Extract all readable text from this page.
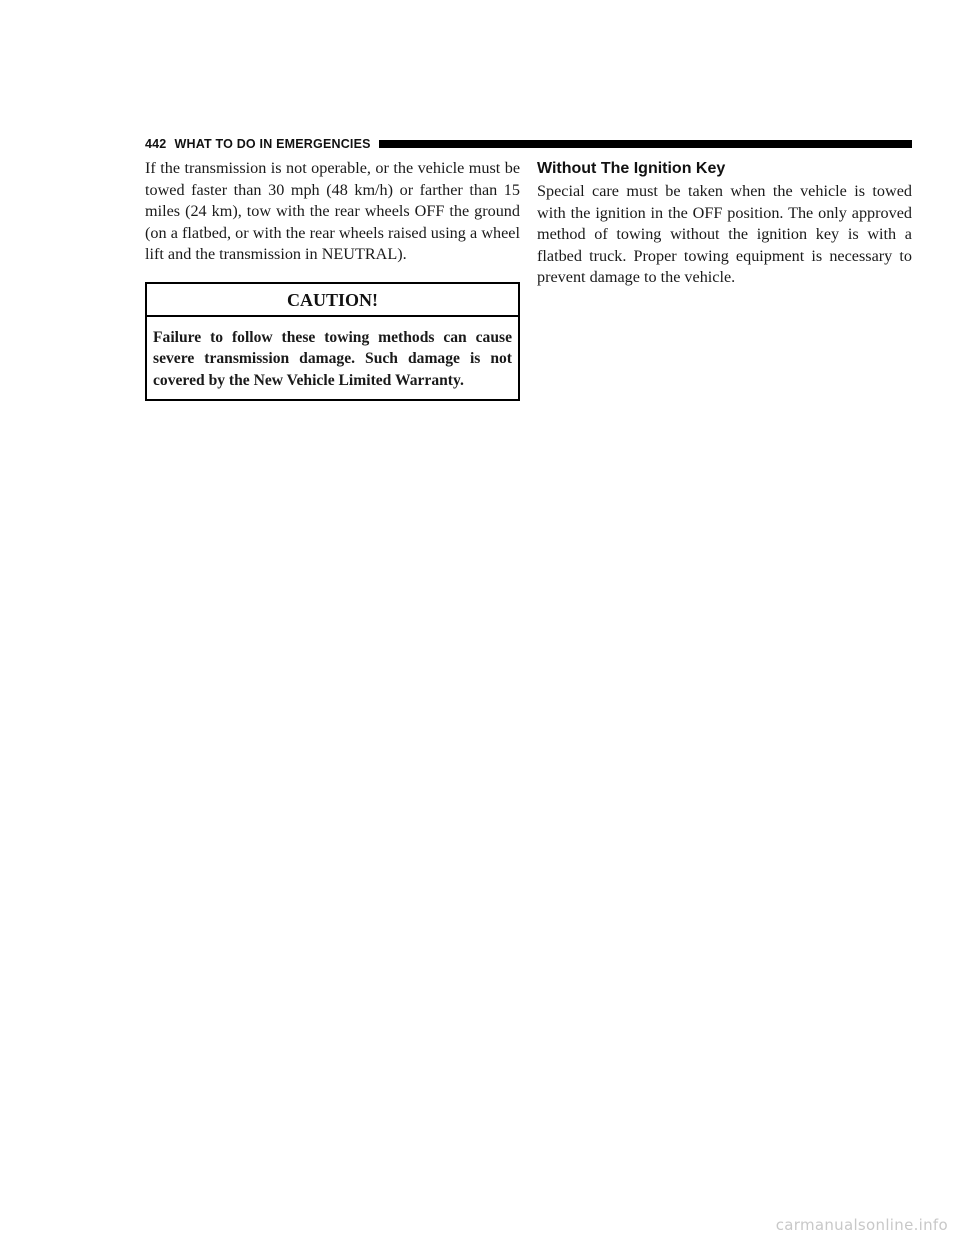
442 WHAT TO DO IN EMERGENCIES

If the transmission is not operable, or the vehicle must be towed faster than 30 mph (48 km/h) or farther than 15 miles (24 km), tow with the rear wheels OFF the ground (on a flatbed, or with the rear wheels raised using a wheel lift and the transmission in NEUTRAL).

CAUTION!

Failure to follow these towing methods can cause severe transmission damage. Such damage is not covered by the New Vehicle Limited Warranty.

Without The Ignition Key

Special care must be taken when the vehicle is towed with the ignition in the OFF position. The only approved method of towing without the ignition key is with a flatbed truck. Proper towing equipment is necessary to prevent damage to the vehicle.

carmanualsonline.info
